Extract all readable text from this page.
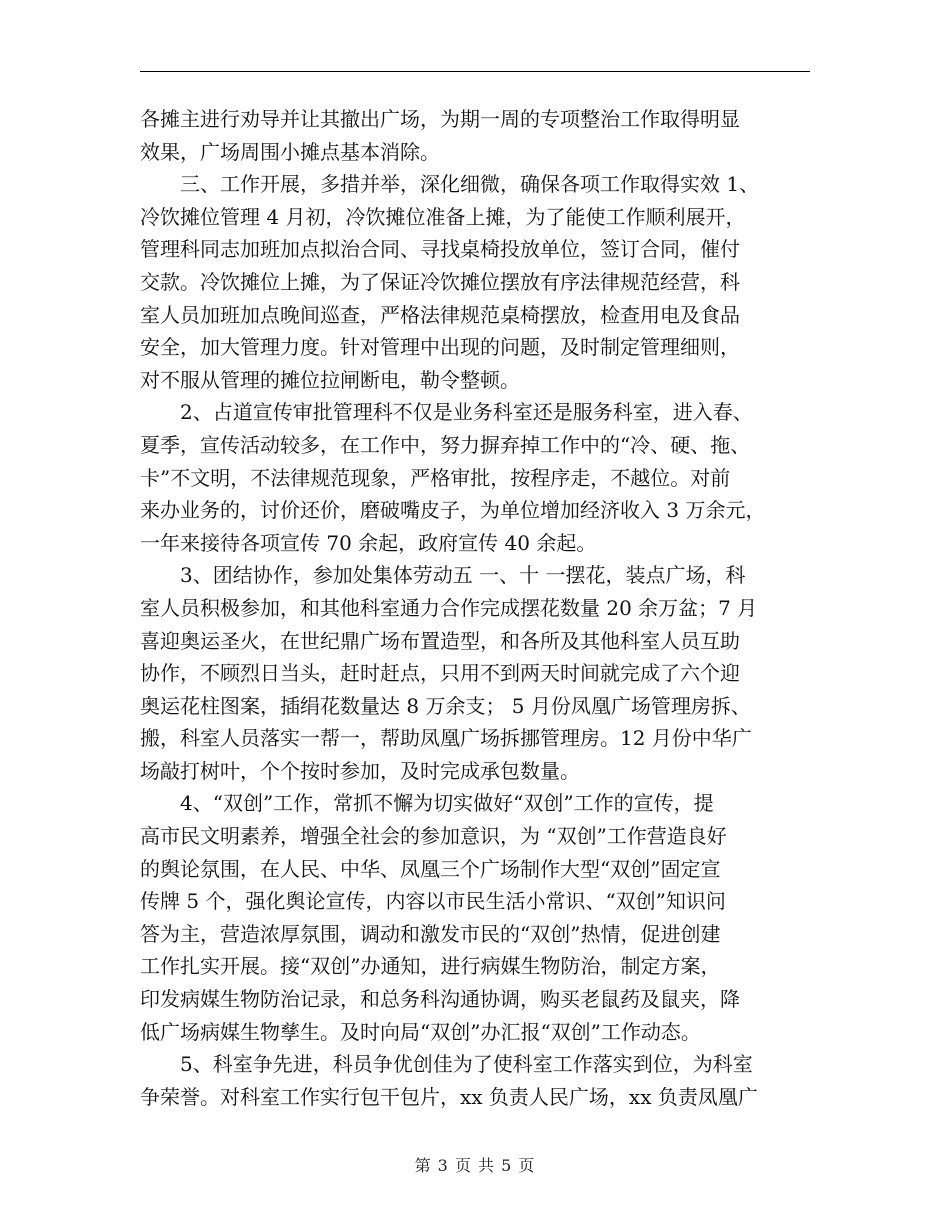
各摊主进行劝导并让其撤出广场，为期一周的专项整治工作取得明显
效果，广场周围小摊点基本消除。
　　三、工作开展，多措并举，深化细微，确保各项工作取得实效 1、
冷饮摊位管理 4 月初，冷饮摊位准备上摊，为了能使工作顺利展开，
管理科同志加班加点拟治合同、寻找桌椅投放单位，签订合同，催付
交款。冷饮摊位上摊，为了保证冷饮摊位摆放有序法律规范经营，科
室人员加班加点晚间巡查，严格法律规范桌椅摆放，检查用电及食品
安全，加大管理力度。针对管理中出现的问题，及时制定管理细则，
对不服从管理的摊位拉闸断电，勒令整顿。
　　2、占道宣传审批管理科不仅是业务科室还是服务科室，进入春、
夏季，宣传活动较多，在工作中，努力摒弃掉工作中的“冷、硬、拖、
卡”不文明，不法律规范现象，严格审批，按程序走，不越位。对前
来办业务的，讨价还价，磨破嘴皮子，为单位增加经济收入 3 万余元，
一年来接待各项宣传 70 余起，政府宣传 40 余起。
　　3、团结协作，参加处集体劳动五 一、十 一摆花，装点广场，科
室人员积极参加，和其他科室通力合作完成摆花数量 20 余万盆；7 月
喜迎奥运圣火，在世纪鼎广场布置造型，和各所及其他科室人员互助
协作，不顾烈日当头，赶时赶点，只用不到两天时间就完成了六个迎
奥运花柱图案，插绢花数量达 8 万余支； 5 月份凤凰广场管理房拆、
搬，科室人员落实一帮一，帮助凤凰广场拆挪管理房。12 月份中华广
场敲打树叶，个个按时参加，及时完成承包数量。
　　4、“双创”工作，常抓不懈为切实做好“双创”工作的宣传，提
高市民文明素养，增强全社会的参加意识，为 “双创”工作营造良好
的舆论氛围，在人民、中华、凤凰三个广场制作大型“双创”固定宣
传牌 5 个，强化舆论宣传，内容以市民生活小常识、“双创”知识问
答为主，营造浓厚氛围，调动和激发市民的“双创”热情，促进创建
工作扎实开展。接“双创”办通知，进行病媒生物防治，制定方案，
印发病媒生物防治记录，和总务科沟通协调，购买老鼠药及鼠夹，降
低广场病媒生物孳生。及时向局“双创”办汇报“双创”工作动态。
　　5、科室争先进，科员争优创佳为了使科室工作落实到位，为科室
争荣誉。对科室工作实行包干包片，xx 负责人民广场，xx 负责凤凰广
第 3 页 共 5 页
